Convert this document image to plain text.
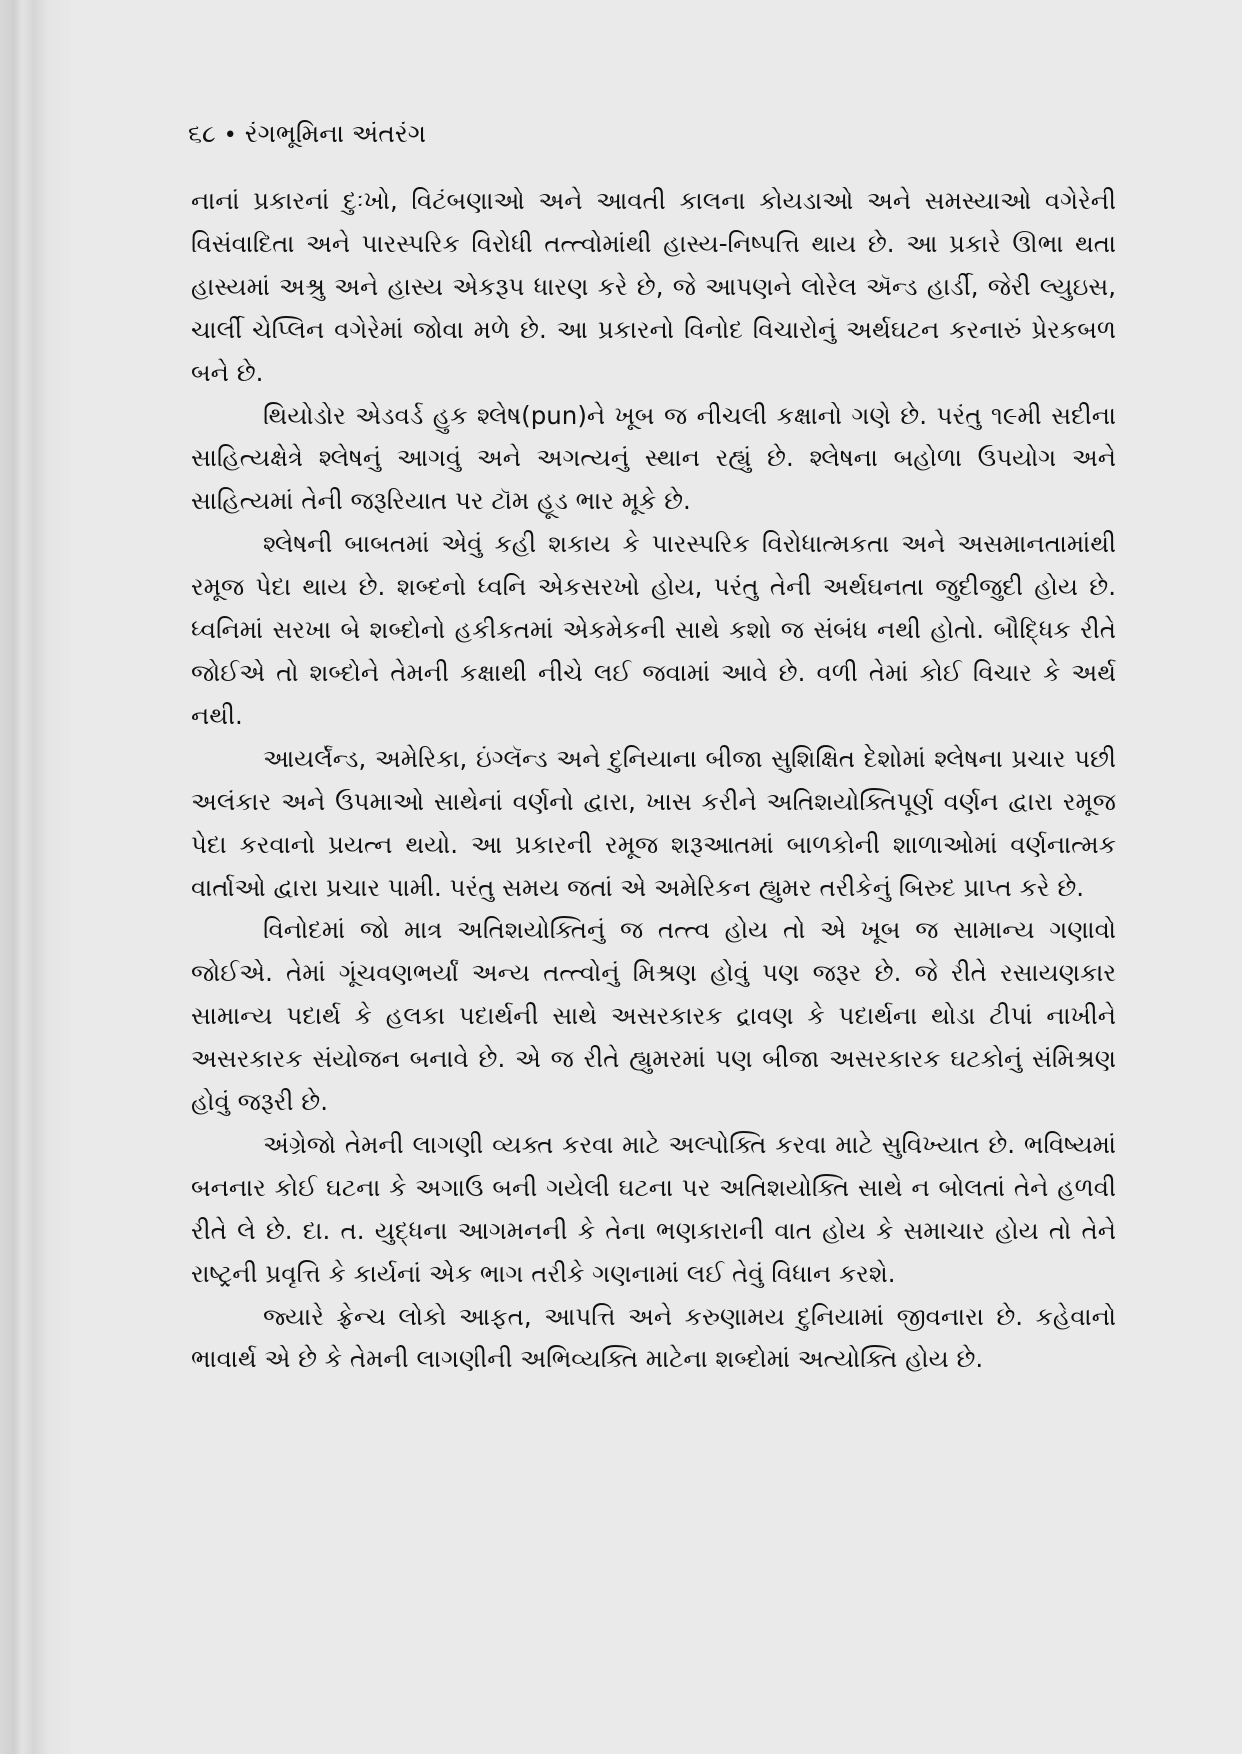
૬૮ • રંગભૂમિના અંતરંગ

નાનાં પ્રકારનાં દુઃખો, વિટંબણાઓ અને આવતી કાલના કોયડાઓ અને સમસ્યાઓ વગેરેની વિસંવાદિતા અને પારસ્પરિક વિરોધી તત્ત્વોમાંથી હાસ્ય-નિષ્પત્તિ થાય છે. આ પ્રકારે ઊભા થતા હાસ્યમાં અશ્રુ અને હાસ્ય એકરૂપ ધારણ કરે છે, જે આપણને લોરેલ ઍન્ડ હાર્ડી, જેરી લ્યુઇસ, ચાર્લી ચેપ્લિન વગેરેમાં જોવા મળે છે. આ પ્રકારનો વિનોદ વિચારોનું અર્થઘટન કરનારું પ્રેરકબળ બને છે.

થિયોડોર એડવર્ડ હુક શ્લેષ(pun)ને ખૂબ જ નીચલી કક્ષાનો ગણે છે. પરંતુ ૧૯મી સદીના સાહિત્યક્ષેત્રે શ્લેષનું આગવું અને અગત્યનું સ્થાન રહ્યું છે. શ્લેષના બહોળા ઉપયોગ અને સાહિત્યમાં તેની જરૂરિયાત પર ટૉમ હૂડ ભાર મૂકે છે.

શ્લેષની બાબતમાં એવું કહી શકાય કે પારસ્પરિક વિરોધાત્મકતા અને અસમાનતામાંથી રમૂજ પેદા થાય છે. શબ્દનો ધ્વનિ એકસરખો હોય, પરંતુ તેની અર્થઘનતા જુદીજુદી હોય છે. ધ્વનિમાં સરખા બે શબ્દોનો હકીકતમાં એકમેકની સાથે કશો જ સંબંધ નથી હોતો. બૌદ્ધિક રીતે જોઈએ તો શબ્દોને તેમની કક્ષાથી નીચે લઈ જવામાં આવે છે. વળી તેમાં કોઈ વિચાર કે અર્થ નથી.

આયર્લૅન્ડ, અમેરિકા, ઇંગ્લૅન્ડ અને દુનિયાના બીજા સુશિક્ષિત દેશોમાં શ્લેષના પ્રચાર પછી અલંકાર અને ઉપમાઓ સાથેનાં વર્ણનો દ્વારા, ખાસ કરીને અતિશયોક્તિપૂર્ણ વર્ણન દ્વારા રમૂજ પેદા કરવાનો પ્રયત્ન થયો. આ પ્રકારની રમૂજ શરૂઆતમાં બાળકોની શાળાઓમાં વર્ણનાત્મક વાર્તાઓ દ્વારા પ્રચાર પામી. પરંતુ સમય જતાં એ અમેરિકન હ્યુમર તરીકેનું બિરુદ પ્રાપ્ત કરે છે.

વિનોદમાં જો માત્ર અતિશયોક્તિનું જ તત્ત્વ હોય તો એ ખૂબ જ સામાન્ય ગણાવો જોઈએ. તેમાં ગૂંચવણભર્યાં અન્ય તત્ત્વોનું મિશ્રણ હોવું પણ જરૂર છે. જે રીતે રસાયણકાર સામાન્ય પદાર્થ કે હલકા પદાર્થની સાથે અસરકારક દ્રાવણ કે પદાર્થના થોડા ટીપાં નાખીને અસરકારક સંયોજન બનાવે છે. એ જ રીતે હ્યુમરમાં પણ બીજા અસરકારક ઘટકોનું સંમિશ્રણ હોવું જરૂરી છે.

અંગ્રેજો તેમની લાગણી વ્યક્ત કરવા માટે અલ્પોક્તિ કરવા માટે સુવિખ્યાત છે. ભવિષ્યમાં બનનાર કોઈ ઘટના કે અગાઉ બની ગયેલી ઘટના પર અતિશયોક્તિ સાથે ન બોલતાં તેને હળવી રીતે લે છે. દા. ત. યુદ્ધના આગમનની કે તેના ભણકારાની વાત હોય કે સમાચાર હોય તો તેને રાષ્ટ્રની પ્રવૃત્તિ કે કાર્યનાં એક ભાગ તરીકે ગણનામાં લઈ તેવું વિધાન કરશે.

જ્યારે ફ્રેન્ચ લોકો આફત, આપત્તિ અને કરુણામય દુનિયામાં જીવનારા છે. કહેવાનો ભાવાર્થ એ છે કે તેમની લાગણીની અભિવ્યક્તિ માટેના શબ્દોમાં અત્યોક્તિ હોય છે.
